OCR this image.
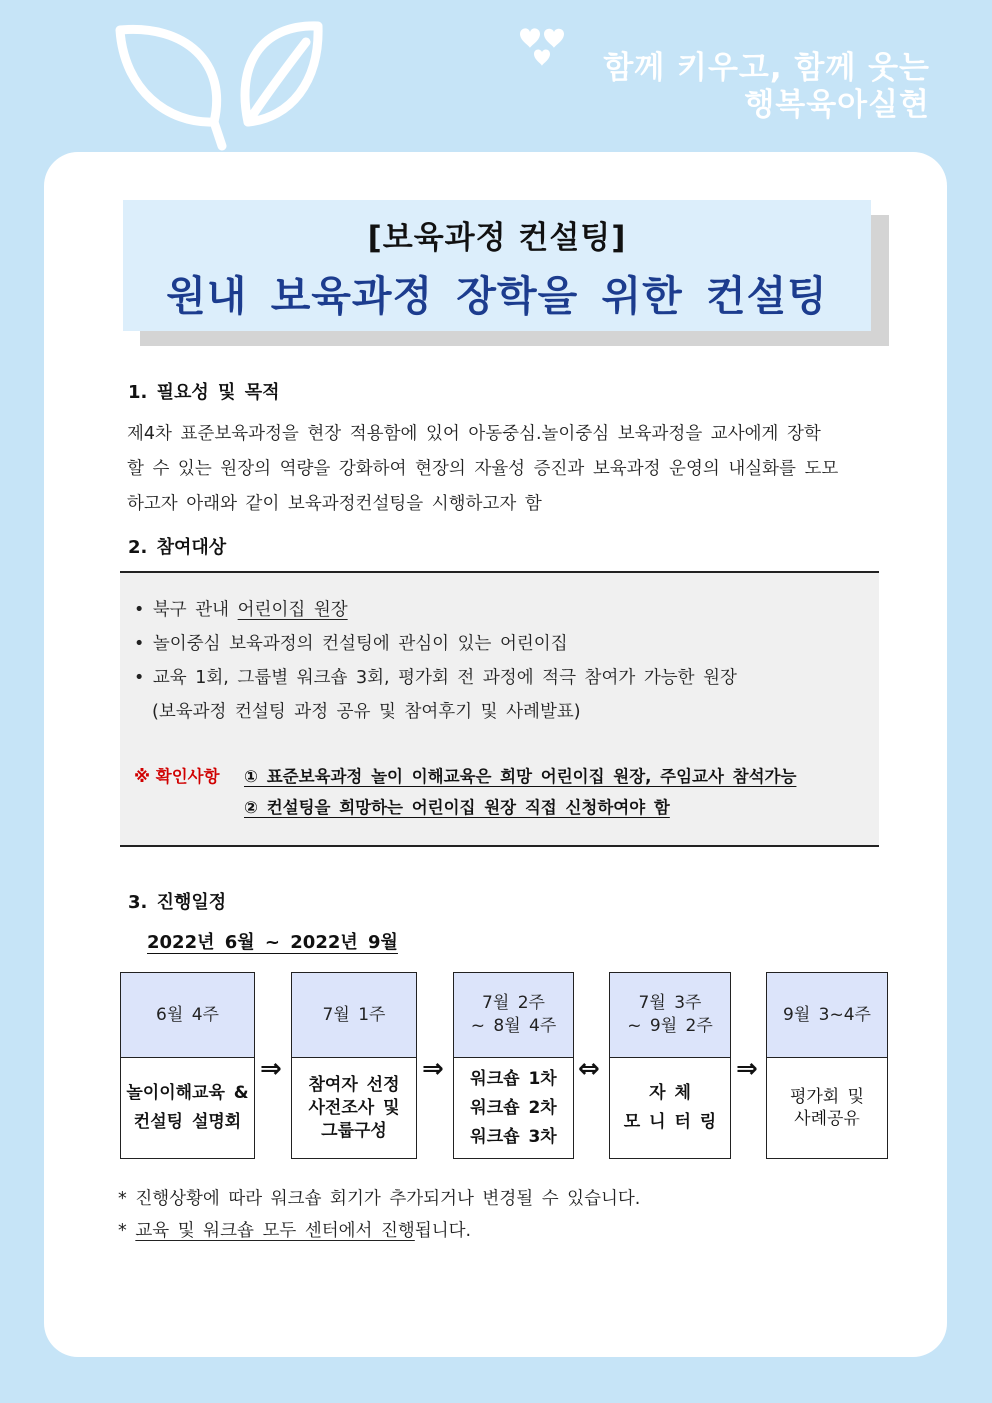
함께 키우고, 함께 웃는
행복육아실현
[보육과정 컨설팅]
원내 보육과정 장학을 위한 컨설팅
1. 필요성 및 목적
제4차 표준보육과정을 현장 적용함에 있어 아동중심.놀이중심 보육과정을 교사에게 장학
할 수 있는 원장의 역량을 강화하여 현장의 자율성 증진과 보육과정 운영의 내실화를 도모
하고자 아래와 같이 보육과정컨설팅을 시행하고자 함
2. 참여대상
• 북구 관내 어린이집 원장
• 놀이중심 보육과정의 컨설팅에 관심이 있는 어린이집
• 교육 1회, 그룹별 워크숍 3회, 평가회 전 과정에 적극 참여가 가능한 원장
(보육과정 컨설팅 과정 공유 및 참여후기 및 사례발표)
※ 확인사항 ① 표준보육과정 놀이 이해교육은 희망 어린이집 원장, 주임교사 참석가능
② 컨설팅을 희망하는 어린이집 원장 직접 신청하여야 함
3. 진행일정
2022년 6월 ~ 2022년 9월
6월 4주
놀이이해교육 &
컨설팅 설명회
⇒
7월 1주
참여자 선정
사전조사 및
그룹구성
⇒
7월 2주
~ 8월 4주
워크숍 1차
워크숍 2차
워크숍 3차
⇔
7월 3주
~ 9월 2주
자 체
모 니 터 링
⇒
9월 3~4주
평가회 및
사례공유
* 진행상황에 따라 워크숍 회기가 추가되거나 변경될 수 있습니다.
* 교육 및 워크숍 모두 센터에서 진행됩니다.
